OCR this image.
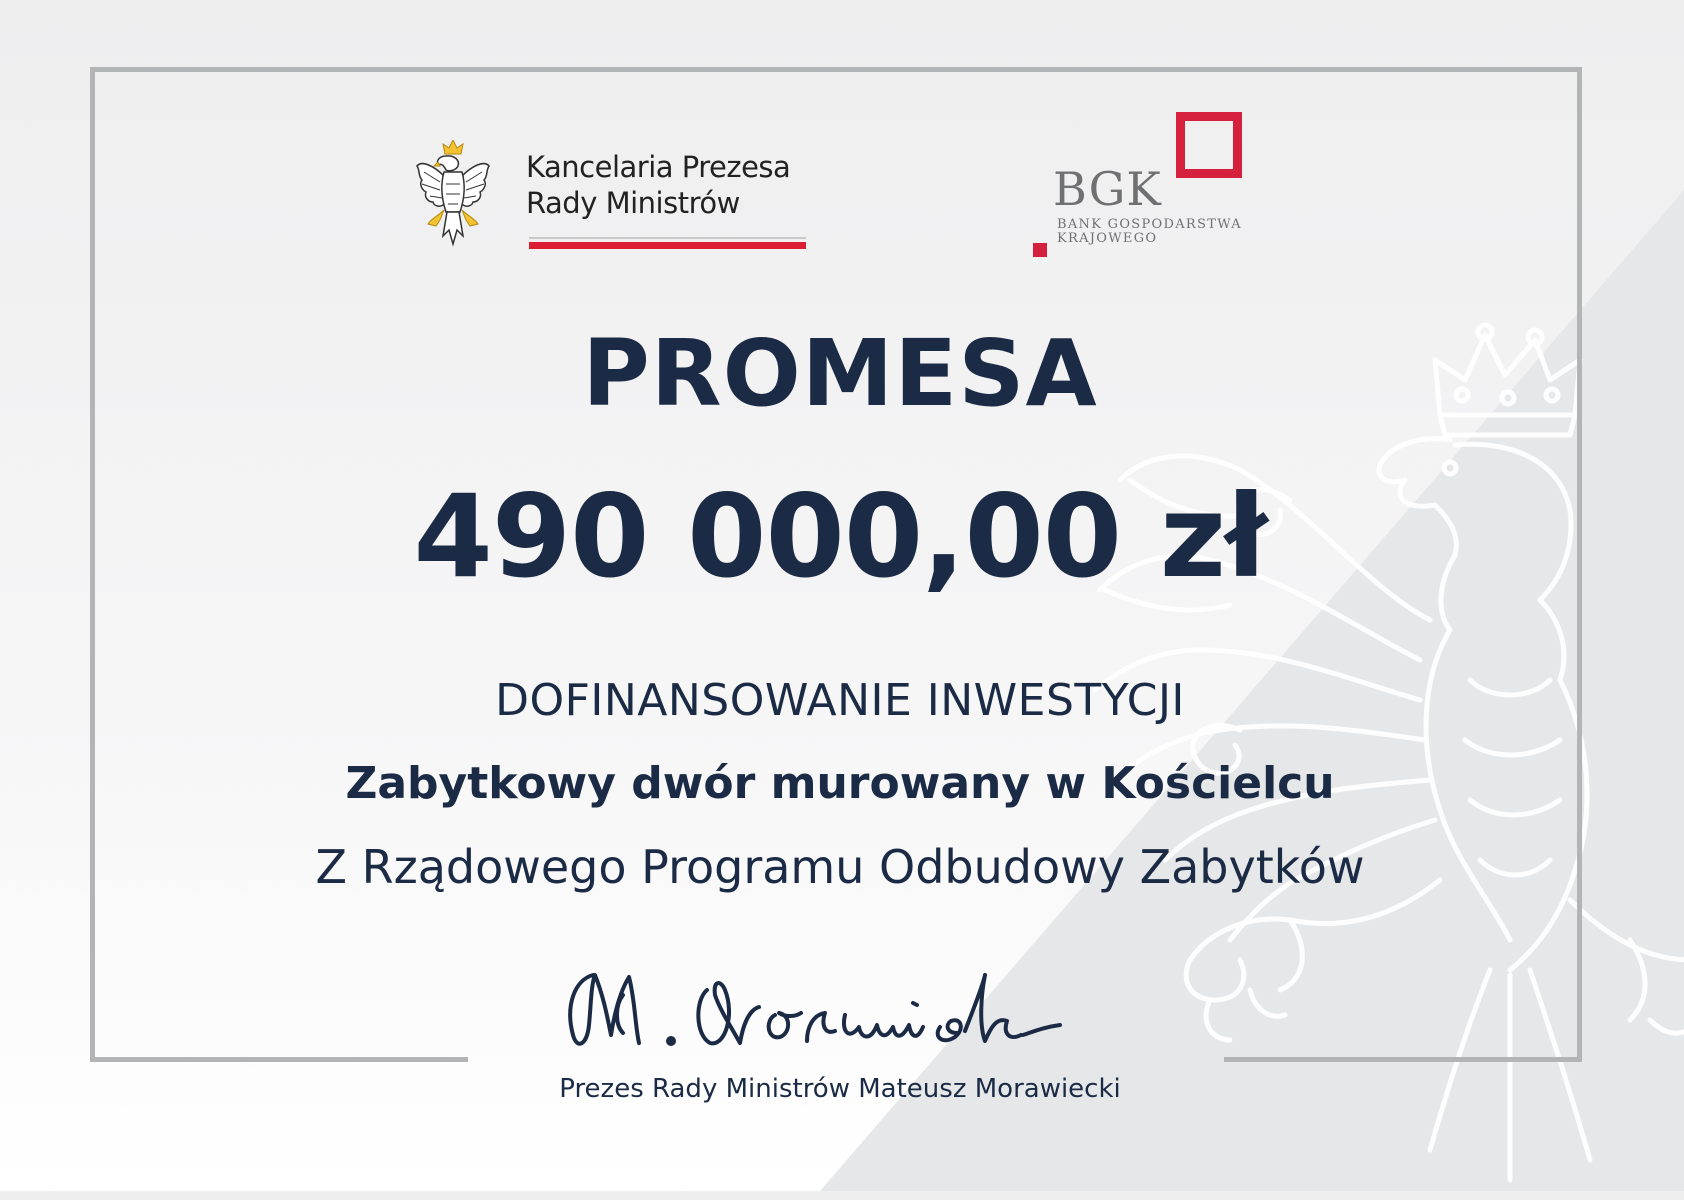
Kancelaria Prezesa
Rady Ministrów	BGK
BANK GOSPODARSTWA
KRAJOWEGO
PROMESA
490 000,00 zł
DOFINANSOWANIE INWESTYCJI
Zabytkowy dwór murowany w Kościelcu
Z Rządowego Programu Odbudowy Zabytków
Prezes Rady Ministrów Mateusz Morawiecki
